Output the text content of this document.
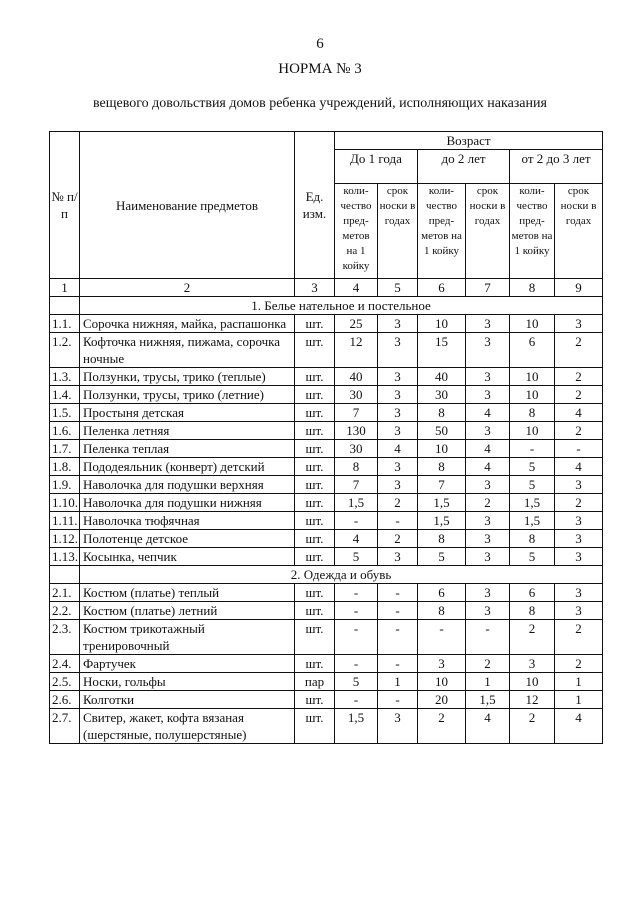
6
НОРМА № 3
вещевого довольствия домов ребенка учреждений, исполняющих наказания
№ п/п	Наименование предметов	Ед. изм.	Возраст					
			До 1 года		до 2 лет		от 2 до 3 лет	
			коли-чество пред-метов на 1 койку	срок носки в годах	коли-чество пред-метов на 1 койку	срок носки в годах	коли-чество пред-метов на 1 койку	срок носки в годах
1	2	3	4	5	6	7	8	9
	1. Белье нательное и постельное							
1.1.	Сорочка нижняя, майка, распашонка	шт.	25	3	10	3	10	3
1.2.	Кофточка нижняя, пижама, сорочка ночные	шт.	12	3	15	3	6	2
1.3.	Ползунки, трусы, трико (теплые)	шт.	40	3	40	3	10	2
1.4.	Ползунки, трусы, трико (летние)	шт.	30	3	30	3	10	2
1.5.	Простыня детская	шт.	7	3	8	4	8	4
1.6.	Пеленка летняя	шт.	130	3	50	3	10	2
1.7.	Пеленка теплая	шт.	30	4	10	4	-	-
1.8.	Пододеяльник (конверт) детский	шт.	8	3	8	4	5	4
1.9.	Наволочка для подушки верхняя	шт.	7	3	7	3	5	3
1.10.	Наволочка для подушки нижняя	шт.	1,5	2	1,5	2	1,5	2
1.11.	Наволочка тюфячная	шт.	-	-	1,5	3	1,5	3
1.12.	Полотенце детское	шт.	4	2	8	3	8	3
1.13.	Косынка, чепчик	шт.	5	3	5	3	5	3
	2. Одежда и обувь							
2.1.	Костюм (платье) теплый	шт.	-	-	6	3	6	3
2.2.	Костюм (платье) летний	шт.	-	-	8	3	8	3
2.3.	Костюм трикотажный тренировочный	шт.	-	-	-	-	2	2
2.4.	Фартучек	шт.	-	-	3	2	3	2
2.5.	Носки, гольфы	пар	5	1	10	1	10	1
2.6.	Колготки	шт.	-	-	20	1,5	12	1
2.7.	Свитер, жакет, кофта вязаная (шерстяные, полушерстяные)	шт.	1,5	3	2	4	2	4
